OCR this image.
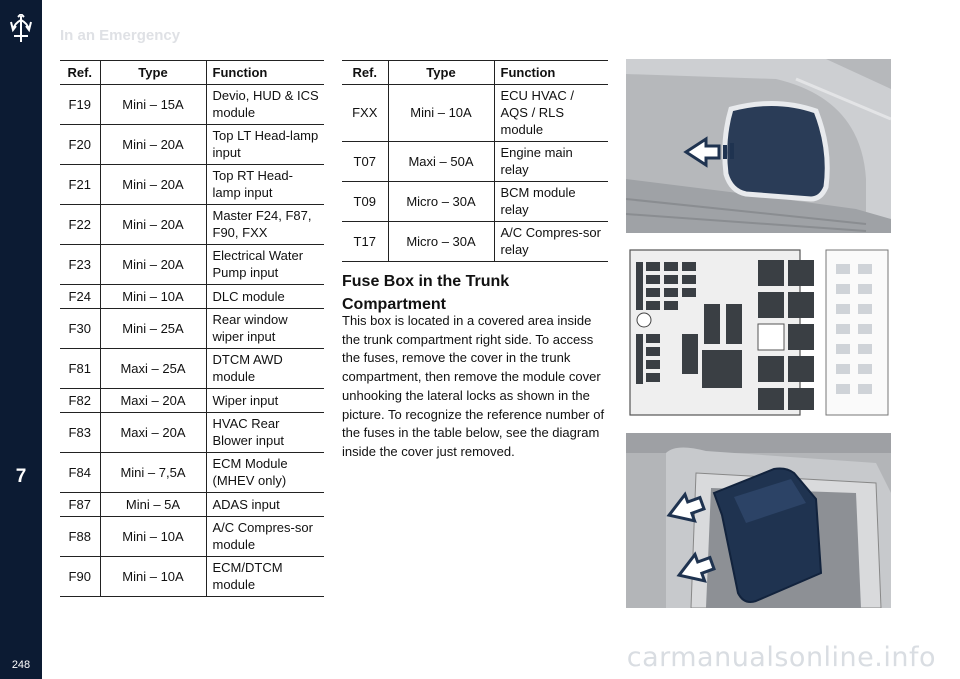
7
248
In an Emergency
Ref.	Type	Function
F19	Mini – 15A	Devio, HUD & ICS module
F20	Mini – 20A	Top LT Head-lamp input
F21	Mini – 20A	Top RT Head-lamp input
F22	Mini – 20A	Master F24, F87, F90, FXX
F23	Mini – 20A	Electrical Water Pump input
F24	Mini – 10A	DLC module
F30	Mini – 25A	Rear window wiper input
F81	Maxi – 25A	DTCM AWD module
F82	Maxi – 20A	Wiper input
F83	Maxi – 20A	HVAC Rear Blower input
F84	Mini – 7,5A	ECM Module (MHEV only)
F87	Mini – 5A	ADAS input
F88	Mini – 10A	A/C Compres-sor module
F90	Mini – 10A	ECM/DTCM module
Ref.	Type	Function
FXX	Mini – 10A	ECU HVAC / AQS / RLS module
T07	Maxi – 50A	Engine main relay
T09	Micro – 30A	BCM module relay
T17	Micro – 30A	A/C Compres-sor relay
Fuse Box in the Trunk Compartment
This box is located in a covered area inside the trunk compartment right side. To access the fuses, remove the cover in the trunk compartment, then remove the module cover unhooking the lateral locks as shown in the picture. To recognize the reference number of the fuses in the table below, see the diagram inside the cover just removed.
carmanualsonline.info
